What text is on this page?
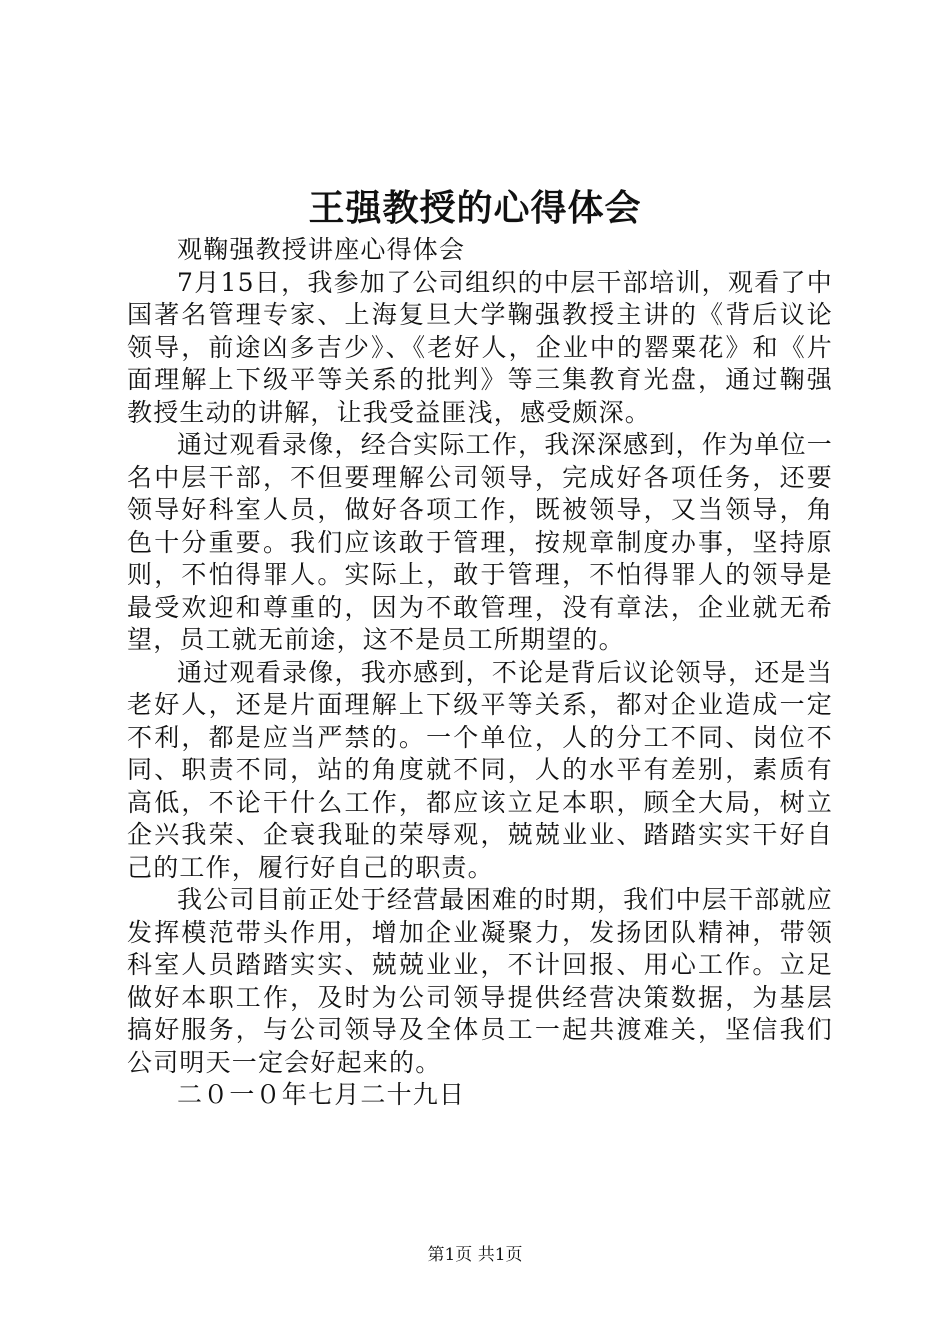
王强教授的心得体会

观鞠强教授讲座心得体会

7月15日，我参加了公司组织的中层干部培训，观看了中国著名管理专家、上海复旦大学鞠强教授主讲的《背后议论领导，前途凶多吉少》、《老好人，企业中的罂粟花》和《片面理解上下级平等关系的批判》等三集教育光盘，通过鞠强教授生动的讲解，让我受益匪浅，感受颇深。

通过观看录像，经合实际工作，我深深感到，作为单位一名中层干部，不但要理解公司领导，完成好各项任务，还要领导好科室人员，做好各项工作，既被领导，又当领导，角色十分重要。我们应该敢于管理，按规章制度办事，坚持原则，不怕得罪人。实际上，敢于管理，不怕得罪人的领导是最受欢迎和尊重的，因为不敢管理，没有章法，企业就无希望，员工就无前途，这不是员工所期望的。

通过观看录像，我亦感到，不论是背后议论领导，还是当老好人，还是片面理解上下级平等关系，都对企业造成一定不利，都是应当严禁的。一个单位，人的分工不同、岗位不同、职责不同，站的角度就不同，人的水平有差别，素质有高低，不论干什么工作，都应该立足本职，顾全大局，树立企兴我荣、企衰我耻的荣辱观，兢兢业业、踏踏实实干好自己的工作，履行好自己的职责。

我公司目前正处于经营最困难的时期，我们中层干部就应发挥模范带头作用，增加企业凝聚力，发扬团队精神，带领科室人员踏踏实实、兢兢业业，不计回报、用心工作。立足做好本职工作，及时为公司领导提供经营决策数据，为基层搞好服务，与公司领导及全体员工一起共渡难关，坚信我们公司明天一定会好起来的。

二０一０年七月二十九日

第1页 共1页
